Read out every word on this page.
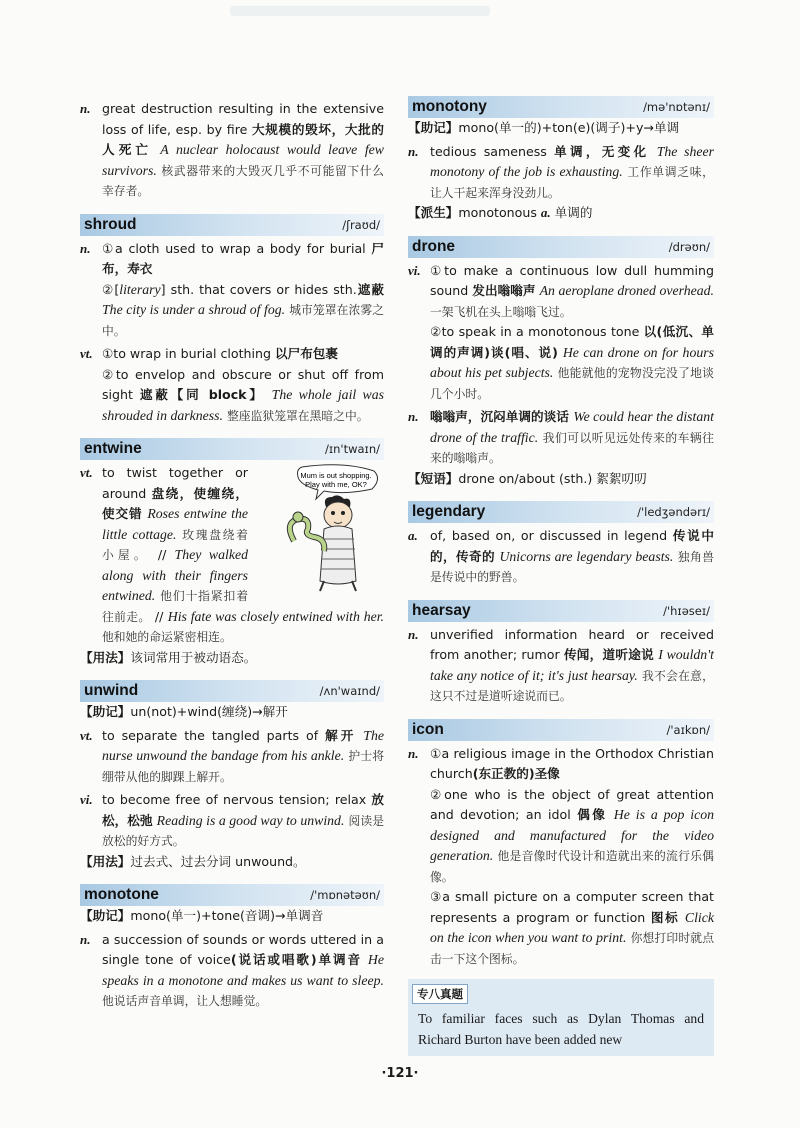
n. great destruction resulting in the extensive loss of life, esp. by fire 大规模的毁坏，大批的人死亡 A nuclear holocaust would leave few survivors. 核武器带来的大毁灭几乎不可能留下什么幸存者。
shroud	/ʃraʊd/
n. ①a cloth used to wrap a body for burial 尸布，寿衣
②[literary] sth. that covers or hides sth.遮蔽 The city is under a shroud of fog. 城市笼罩在浓雾之中。
vt. ①to wrap in burial clothing 以尸布包裹
②to envelop and obscure or shut off from sight 遮蔽【同 block】 The whole jail was shrouded in darkness. 整座监狱笼罩在黑暗之中。
entwine	/ɪn'twaɪn/
vt.	Mum is out shopping.
Play with me, OK?
to twist together or around 盘绕，使缠绕，使交错 Roses entwine the little cottage. 玫瑰盘绕着小屋。 // They walked along with their fingers entwined. 他们十指紧扣着往前走。 // His fate was closely entwined with her. 他和她的命运紧密相连。
【用法】该词常用于被动语态。
unwind	/ʌn'waɪnd/
【助记】un(not)+wind(缠绕)→解开
vt. to separate the tangled parts of 解开 The nurse unwound the bandage from his ankle. 护士将绷带从他的脚踝上解开。
vi. to become free of nervous tension; relax 放松，松弛 Reading is a good way to unwind. 阅读是放松的好方式。
【用法】过去式、过去分词 unwound。
monotone	/'mɒnətəʊn/
【助记】mono(单一)+tone(音调)→单调音
n. a succession of sounds or words uttered in a single tone of voice(说话或唱歌)单调音 He speaks in a monotone and makes us want to sleep. 他说话声音单调，让人想睡觉。
monotony	/mə'nɒtənɪ/
【助记】mono(单一的)+ton(e)(调子)+y→单调
n. tedious sameness 单调，无变化 The sheer monotony of the job is exhausting. 工作单调乏味，让人干起来浑身没劲儿。
【派生】monotonous a. 单调的
drone	/drəʊn/
vi. ①to make a continuous low dull humming sound 发出嗡嗡声 An aeroplane droned overhead. 一架飞机在头上嗡嗡飞过。
②to speak in a monotonous tone 以(低沉、单调的声调)谈(唱、说) He can drone on for hours about his pet subjects. 他能就他的宠物没完没了地谈几个小时。
n. 嗡嗡声，沉闷单调的谈话 We could hear the distant drone of the traffic. 我们可以听见远处传来的车辆往来的嗡嗡声。
【短语】drone on/about (sth.) 絮絮叨叨
legendary	/'ledʒəndərɪ/
a. of, based on, or discussed in legend 传说中的，传奇的 Unicorns are legendary beasts. 独角兽是传说中的野兽。
hearsay	/'hɪəseɪ/
n. unverified information heard or received from another; rumor 传闻，道听途说 I wouldn't take any notice of it; it's just hearsay. 我不会在意，这只不过是道听途说而已。
icon	/'aɪkɒn/
n. ①a religious image in the Orthodox Christian church(东正教的)圣像
②one who is the object of great attention and devotion; an idol 偶像 He is a pop icon designed and manufactured for the video generation. 他是音像时代设计和造就出来的流行乐偶像。
③a small picture on a computer screen that represents a program or function 图标 Click on the icon when you want to print. 你想打印时就点击一下这个图标。
专八真题
To familiar faces such as Dylan Thomas and Richard Burton have been added new
·121·
